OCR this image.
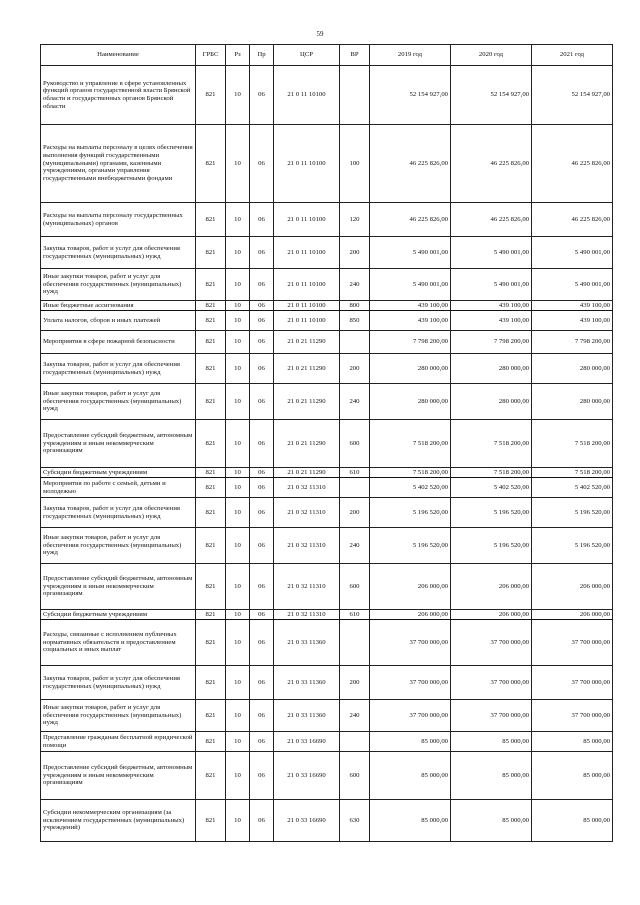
59
Наименование	ГРБС	Рз	Пр	ЦСР	ВР	2019 год	2020 год	2021 год
Руководство и управление в сфере установленных функций органов государственной власти Брянской области и государственных органов Брянской области	821	10	06	21 0 11 10100		52 154 927,00	52 154 927,00	52 154 927,00
Расходы на выплаты персоналу в целях обеспечения выполнения функций государственными (муниципальными) органами, казенными учреждениями, органами управления государственными внебюджетными фондами	821	10	06	21 0 11 10100	100	46 225 826,00	46 225 826,00	46 225 826,00
Расходы на выплаты персоналу государственных (муниципальных) органов	821	10	06	21 0 11 10100	120	46 225 826,00	46 225 826,00	46 225 826,00
Закупка товаров, работ и услуг для обеспечения государственных (муниципальных) нужд	821	10	06	21 0 11 10100	200	5 490 001,00	5 490 001,00	5 490 001,00
Иные закупки товаров, работ и услуг для обеспечения государственных (муниципальных) нужд	821	10	06	21 0 11 10100	240	5 490 001,00	5 490 001,00	5 490 001,00
Иные бюджетные ассигнования	821	10	06	21 0 11 10100	800	439 100,00	439 100,00	439 100,00
Уплата налогов, сборов и иных платежей	821	10	06	21 0 11 10100	850	439 100,00	439 100,00	439 100,00
Мероприятия в сфере пожарной безопасности	821	10	06	21 0 21 11290		7 798 200,00	7 798 200,00	7 798 200,00
Закупка товаров, работ и услуг для обеспечения государственных (муниципальных) нужд	821	10	06	21 0 21 11290	200	280 000,00	280 000,00	280 000,00
Иные закупки товаров, работ и услуг для обеспечения государственных (муниципальных) нужд	821	10	06	21 0 21 11290	240	280 000,00	280 000,00	280 000,00
Предоставление субсидий бюджетным, автономным учреждениям и иным некоммерческим организациям	821	10	06	21 0 21 11290	600	7 518 200,00	7 518 200,00	7 518 200,00
Субсидии бюджетным учреждениям	821	10	06	21 0 21 11290	610	7 518 200,00	7 518 200,00	7 518 200,00
Мероприятия по работе с семьей, детьми и молодежью	821	10	06	21 0 32 11310		5 402 520,00	5 402 520,00	5 402 520,00
Закупка товаров, работ и услуг для обеспечения государственных (муниципальных) нужд	821	10	06	21 0 32 11310	200	5 196 520,00	5 196 520,00	5 196 520,00
Иные закупки товаров, работ и услуг для обеспечения государственных (муниципальных) нужд	821	10	06	21 0 32 11310	240	5 196 520,00	5 196 520,00	5 196 520,00
Предоставление субсидий бюджетным, автономным учреждениям и иным некоммерческим организациям	821	10	06	21 0 32 11310	600	206 000,00	206 000,00	206 000,00
Субсидии бюджетным учреждениям	821	10	06	21 0 32 11310	610	206 000,00	206 000,00	206 000,00
Расходы, связанные с исполнением публичных нормативных обязательств и предоставлением социальных и иных выплат	821	10	06	21 0 33 11360		37 700 000,00	37 700 000,00	37 700 000,00
Закупка товаров, работ и услуг для обеспечения государственных (муниципальных) нужд	821	10	06	21 0 33 11360	200	37 700 000,00	37 700 000,00	37 700 000,00
Иные закупки товаров, работ и услуг для обеспечения государственных (муниципальных) нужд	821	10	06	21 0 33 11360	240	37 700 000,00	37 700 000,00	37 700 000,00
Представление гражданам бесплатной юридической помощи	821	10	06	21 0 33 16690		85 000,00	85 000,00	85 000,00
Предоставление субсидий бюджетным, автономным учреждениям и иным некоммерческим организациям	821	10	06	21 0 33 16690	600	85 000,00	85 000,00	85 000,00
Субсидии некоммерческим организациям (за исключением государственных (муниципальных) учреждений)	821	10	06	21 0 33 16690	630	85 000,00	85 000,00	85 000,00
